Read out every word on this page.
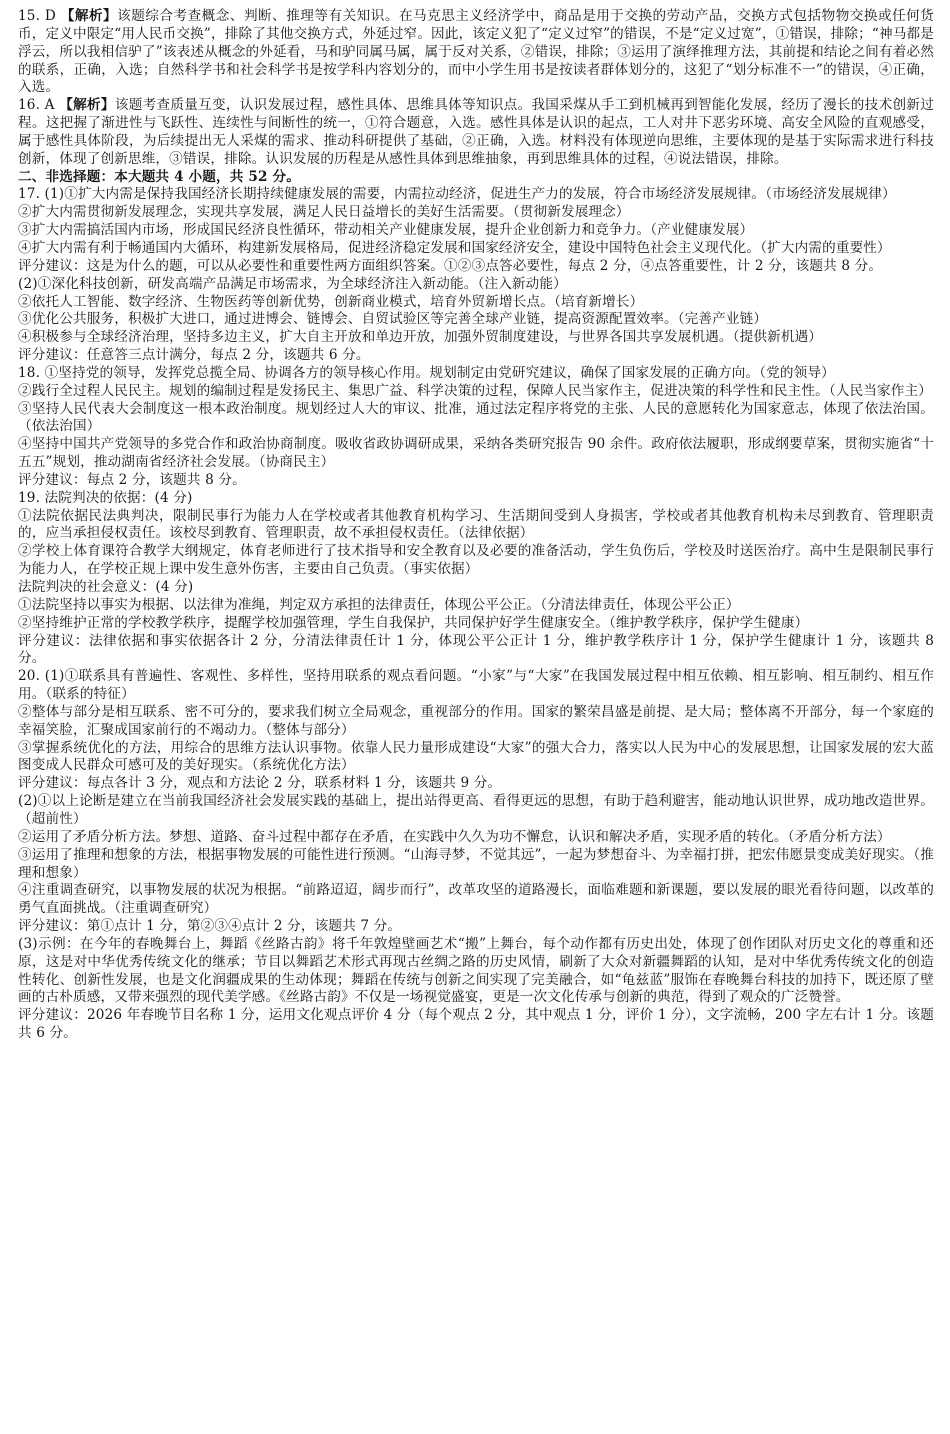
15. D 【解析】该题综合考查概念、判断、推理等有关知识。在马克思主义经济学中，商品是用于交换的劳动产品，交换方式包括物物交换或任何货币，定义中限定“用人民币交换”，排除了其他交换方式，外延过窄。因此，该定义犯了“定义过窄”的错误，不是“定义过宽”，①错误，排除；“神马都是浮云，所以我相信驴了”该表述从概念的外延看，马和驴同属马属，属于反对关系，②错误，排除；③运用了演绎推理方法，其前提和结论之间有着必然的联系，正确，入选；自然科学书和社会科学书是按学科内容划分的，而中小学生用书是按读者群体划分的，这犯了“划分标准不一”的错误，④正确，入选。

16. A 【解析】该题考查质量互变，认识发展过程，感性具体、思维具体等知识点。我国采煤从手工到机械再到智能化发展，经历了漫长的技术创新过程。这把握了渐进性与飞跃性、连续性与间断性的统一，①符合题意，入选。感性具体是认识的起点，工人对井下恶劣环境、高安全风险的直观感受，属于感性具体阶段，为后续提出无人采煤的需求、推动科研提供了基础，②正确，入选。材料没有体现逆向思维，主要体现的是基于实际需求进行科技创新，体现了创新思维，③错误，排除。认识发展的历程是从感性具体到思维抽象，再到思维具体的过程，④说法错误，排除。

二、非选择题：本大题共 4 小题，共 52 分。

17. (1)①扩大内需是保持我国经济长期持续健康发展的需要，内需拉动经济，促进生产力的发展，符合市场经济发展规律。（市场经济发展规律）

②扩大内需贯彻新发展理念，实现共享发展，满足人民日益增长的美好生活需要。（贯彻新发展理念）

③扩大内需搞活国内市场，形成国民经济良性循环，带动相关产业健康发展，提升企业创新力和竞争力。（产业健康发展）

④扩大内需有利于畅通国内大循环，构建新发展格局，促进经济稳定发展和国家经济安全，建设中国特色社会主义现代化。（扩大内需的重要性）

评分建议：这是为什么的题，可以从必要性和重要性两方面组织答案。①②③点答必要性，每点 2 分，④点答重要性，计 2 分，该题共 8 分。

(2)①深化科技创新，研发高端产品满足市场需求，为全球经济注入新动能。（注入新动能）

②依托人工智能、数字经济、生物医药等创新优势，创新商业模式，培育外贸新增长点。（培育新增长）

③优化公共服务，积极扩大进口，通过进博会、链博会、自贸试验区等完善全球产业链，提高资源配置效率。（完善产业链）

④积极参与全球经济治理，坚持多边主义，扩大自主开放和单边开放，加强外贸制度建设，与世界各国共享发展机遇。（提供新机遇）

评分建议：任意答三点计满分，每点 2 分，该题共 6 分。

18. ①坚持党的领导，发挥党总揽全局、协调各方的领导核心作用。规划制定由党研究建议，确保了国家发展的正确方向。（党的领导）

②践行全过程人民民主。规划的编制过程是发扬民主、集思广益、科学决策的过程，保障人民当家作主，促进决策的科学性和民主性。（人民当家作主）

③坚持人民代表大会制度这一根本政治制度。规划经过人大的审议、批准，通过法定程序将党的主张、人民的意愿转化为国家意志，体现了依法治国。（依法治国）

④坚持中国共产党领导的多党合作和政治协商制度。吸收省政协调研成果，采纳各类研究报告 90 余件。政府依法履职，形成纲要草案，贯彻实施省“十五五”规划，推动湖南省经济社会发展。（协商民主）

评分建议：每点 2 分，该题共 8 分。

19. 法院判决的依据：(4 分)

①法院依据民法典判决，限制民事行为能力人在学校或者其他教育机构学习、生活期间受到人身损害，学校或者其他教育机构未尽到教育、管理职责的，应当承担侵权责任。该校尽到教育、管理职责，故不承担侵权责任。（法律依据）

②学校上体育课符合教学大纲规定，体育老师进行了技术指导和安全教育以及必要的准备活动，学生负伤后，学校及时送医治疗。高中生是限制民事行为能力人，在学校正规上课中发生意外伤害，主要由自己负责。（事实依据）

法院判决的社会意义：(4 分)

①法院坚持以事实为根据、以法律为准绳，判定双方承担的法律责任，体现公平公正。（分清法律责任，体现公平公正）

②坚持维护正常的学校教学秩序，提醒学校加强管理，学生自我保护，共同保护好学生健康安全。（维护教学秩序，保护学生健康）

评分建议：法律依据和事实依据各计 2 分，分清法律责任计 1 分，体现公平公正计 1 分，维护教学秩序计 1 分，保护学生健康计 1 分，该题共 8 分。

20. (1)①联系具有普遍性、客观性、多样性，坚持用联系的观点看问题。“小家”与“大家”在我国发展过程中相互依赖、相互影响、相互制约、相互作用。（联系的特征）

②整体与部分是相互联系、密不可分的，要求我们树立全局观念，重视部分的作用。国家的繁荣昌盛是前提、是大局；整体离不开部分，每一个家庭的幸福笑脸，汇聚成国家前行的不竭动力。（整体与部分）

③掌握系统优化的方法，用综合的思维方法认识事物。依靠人民力量形成建设“大家”的强大合力，落实以人民为中心的发展思想，让国家发展的宏大蓝图变成人民群众可感可及的美好现实。（系统优化方法）

评分建议：每点各计 3 分，观点和方法论 2 分，联系材料 1 分，该题共 9 分。

(2)①以上论断是建立在当前我国经济社会发展实践的基础上，提出站得更高、看得更远的思想，有助于趋利避害，能动地认识世界，成功地改造世界。（超前性）

②运用了矛盾分析方法。梦想、道路、奋斗过程中都存在矛盾，在实践中久久为功不懈怠，认识和解决矛盾，实现矛盾的转化。（矛盾分析方法）

③运用了推理和想象的方法，根据事物发展的可能性进行预测。“山海寻梦，不觉其远”，一起为梦想奋斗、为幸福打拼，把宏伟愿景变成美好现实。（推理和想象）

④注重调查研究，以事物发展的状况为根据。“前路迢迢，阔步而行”，改革攻坚的道路漫长，面临难题和新课题，要以发展的眼光看待问题，以改革的勇气直面挑战。（注重调查研究）

评分建议：第①点计 1 分，第②③④点计 2 分，该题共 7 分。

(3)示例：在今年的春晚舞台上，舞蹈《丝路古韵》将千年敦煌壁画艺术“搬”上舞台，每个动作都有历史出处，体现了创作团队对历史文化的尊重和还原，这是对中华优秀传统文化的继承；节目以舞蹈艺术形式再现古丝绸之路的历史风情，刷新了大众对新疆舞蹈的认知，是对中华优秀传统文化的创造性转化、创新性发展，也是文化润疆成果的生动体现；舞蹈在传统与创新之间实现了完美融合，如“龟兹蓝”服饰在春晚舞台科技的加持下，既还原了壁画的古朴质感，又带来强烈的现代美学感。《丝路古韵》不仅是一场视觉盛宴，更是一次文化传承与创新的典范，得到了观众的广泛赞誉。

评分建议：2026 年春晚节目名称 1 分，运用文化观点评价 4 分（每个观点 2 分，其中观点 1 分，评价 1 分），文字流畅，200 字左右计 1 分。该题共 6 分。
